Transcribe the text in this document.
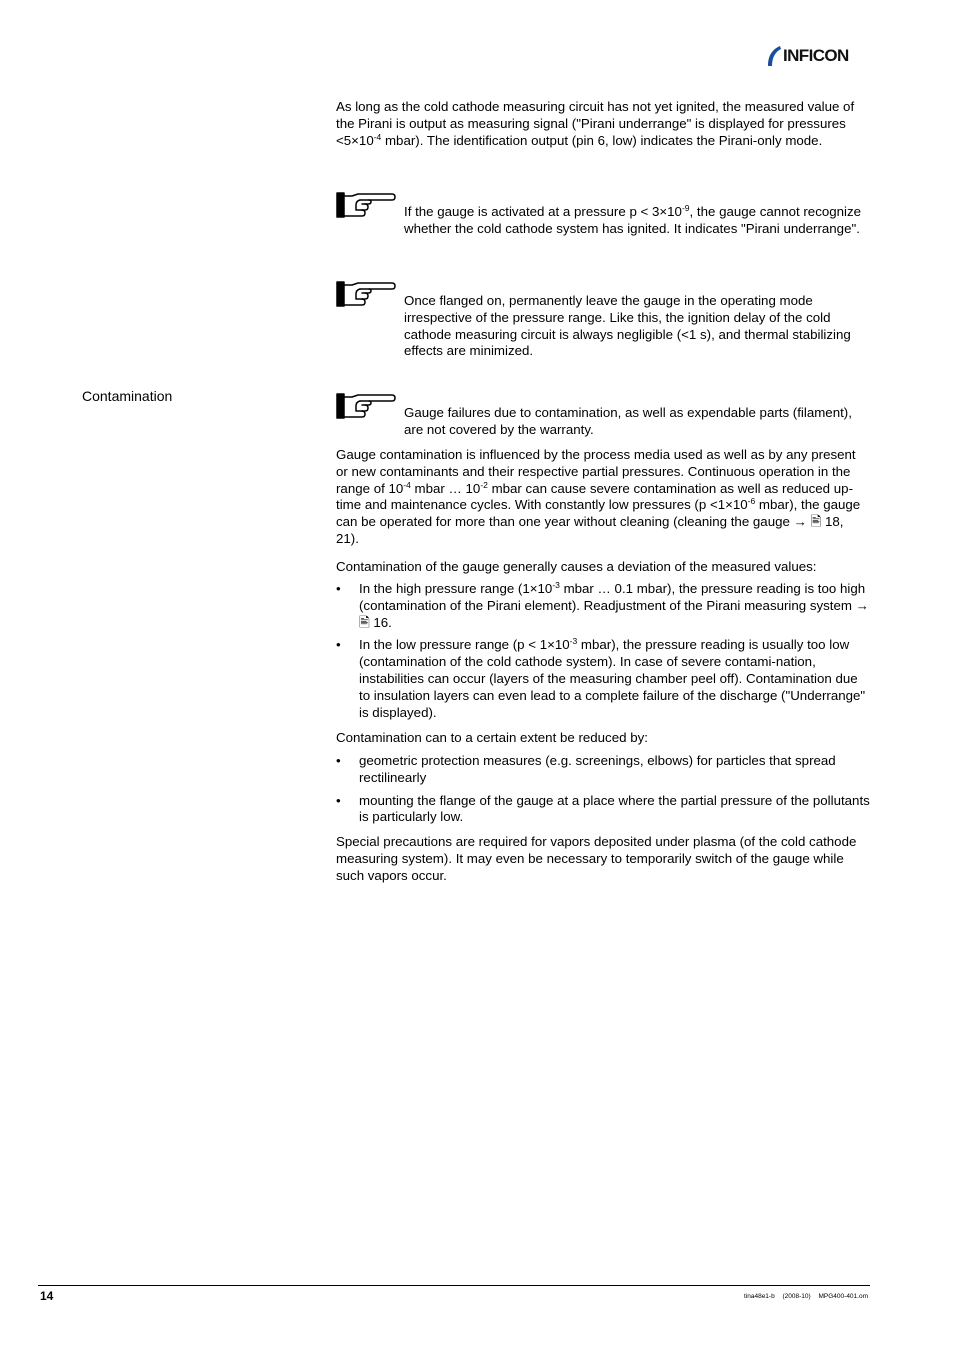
INFICON

As long as the cold cathode measuring circuit has not yet ignited, the measured value of the Pirani is output as measuring signal ("Pirani underrange" is displayed for pressures $<5\times 10^{-4}$ mbar). The identification output (pin 6, low) indicates the Pirani-only mode.

If the gauge is activated at a pressure $p < 3\times 10^{-9}$, the gauge cannot recognize whether the cold cathode system has ignited. It indicates "Pirani underrange".

Once flanged on, permanently leave the gauge in the operating mode irrespective of the pressure range. Like this, the ignition delay of the cold cathode measuring circuit is always negligible (<1 s), and thermal stabilizing effects are minimized.

Contamination

Gauge failures due to contamination, as well as expendable parts (filament), are not covered by the warranty.

Gauge contamination is influenced by the process media used as well as by any present or new contaminants and their respective partial pressures. Continuous operation in the range of $10^{-4}$ mbar … $10^{-2}$ mbar can cause severe contamination as well as reduced up-time and maintenance cycles. With constantly low pressures ($p <1\times 10^{-6}$ mbar), the gauge can be operated for more than one year without cleaning (cleaning the gauge → 🖹 18, 21).

Contamination of the gauge generally causes a deviation of the measured values:

• In the high pressure range ($1\times 10^{-3}$ mbar … 0.1 mbar), the pressure reading is too high (contamination of the Pirani element). Readjustment of the Pirani measuring system → 🖹 16.
• In the low pressure range ($p < 1\times 10^{-3}$ mbar), the pressure reading is usually too low (contamination of the cold cathode system). In case of severe contami-nation, instabilities can occur (layers of the measuring chamber peel off). Contamination due to insulation layers can even lead to a complete failure of the discharge ("Underrange" is displayed).

Contamination can to a certain extent be reduced by:

• geometric protection measures (e.g. screenings, elbows) for particles that spread rectilinearly
• mounting the flange of the gauge at a place where the partial pressure of the pollutants is particularly low.

Special precautions are required for vapors deposited under plasma (of the cold cathode measuring system). It may even be necessary to temporarily switch of the gauge while such vapors occur.

14	tina48e1-b (2008-10) MPG400-401.om
